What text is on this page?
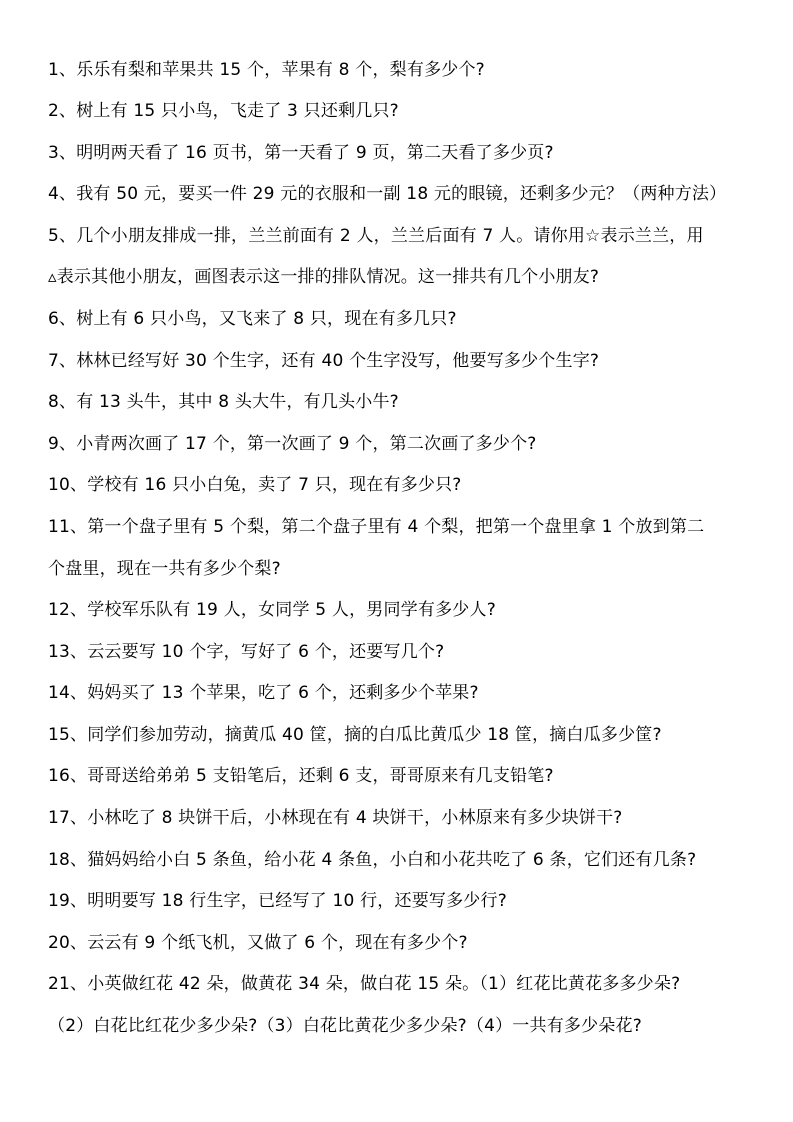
1、乐乐有梨和苹果共 15 个，苹果有 8 个，梨有多少个?
2、树上有 15 只小鸟，飞走了 3 只还剩几只?
3、明明两天看了 16 页书，第一天看了 9 页，第二天看了多少页?
4、我有 50 元，要买一件 29 元的衣服和一副 18 元的眼镜，还剩多少元？（两种方法）
5、几个小朋友排成一排，兰兰前面有 2 人，兰兰后面有 7 人。请你用☆表示兰兰，用
▵表示其他小朋友，画图表示这一排的排队情况。这一排共有几个小朋友?
6、树上有 6 只小鸟，又飞来了 8 只，现在有多几只?
7、林林已经写好 30 个生字，还有 40 个生字没写，他要写多少个生字?
8、有 13 头牛，其中 8 头大牛，有几头小牛?
9、小青两次画了 17 个，第一次画了 9 个，第二次画了多少个?
10、学校有 16 只小白兔，卖了 7 只，现在有多少只?
11、第一个盘子里有 5 个梨，第二个盘子里有 4 个梨，把第一个盘里拿 1 个放到第二
个盘里，现在一共有多少个梨?
12、学校军乐队有 19 人，女同学 5 人，男同学有多少人?
13、云云要写 10 个字，写好了 6 个，还要写几个?
14、妈妈买了 13 个苹果，吃了 6 个，还剩多少个苹果?
15、同学们参加劳动，摘黄瓜 40 筐，摘的白瓜比黄瓜少 18 筐，摘白瓜多少筐?
16、哥哥送给弟弟 5 支铅笔后，还剩 6 支，哥哥原来有几支铅笔?
17、小林吃了 8 块饼干后，小林现在有 4 块饼干，小林原来有多少块饼干?
18、猫妈妈给小白 5 条鱼，给小花 4 条鱼，小白和小花共吃了 6 条，它们还有几条?
19、明明要写 18 行生字，已经写了 10 行，还要写多少行?
20、云云有 9 个纸飞机，又做了 6 个，现在有多少个?
21、小英做红花 42 朵，做黄花 34 朵，做白花 15 朵。（1）红花比黄花多多少朵?
（2）白花比红花少多少朵?（3）白花比黄花少多少朵?（4）一共有多少朵花?
